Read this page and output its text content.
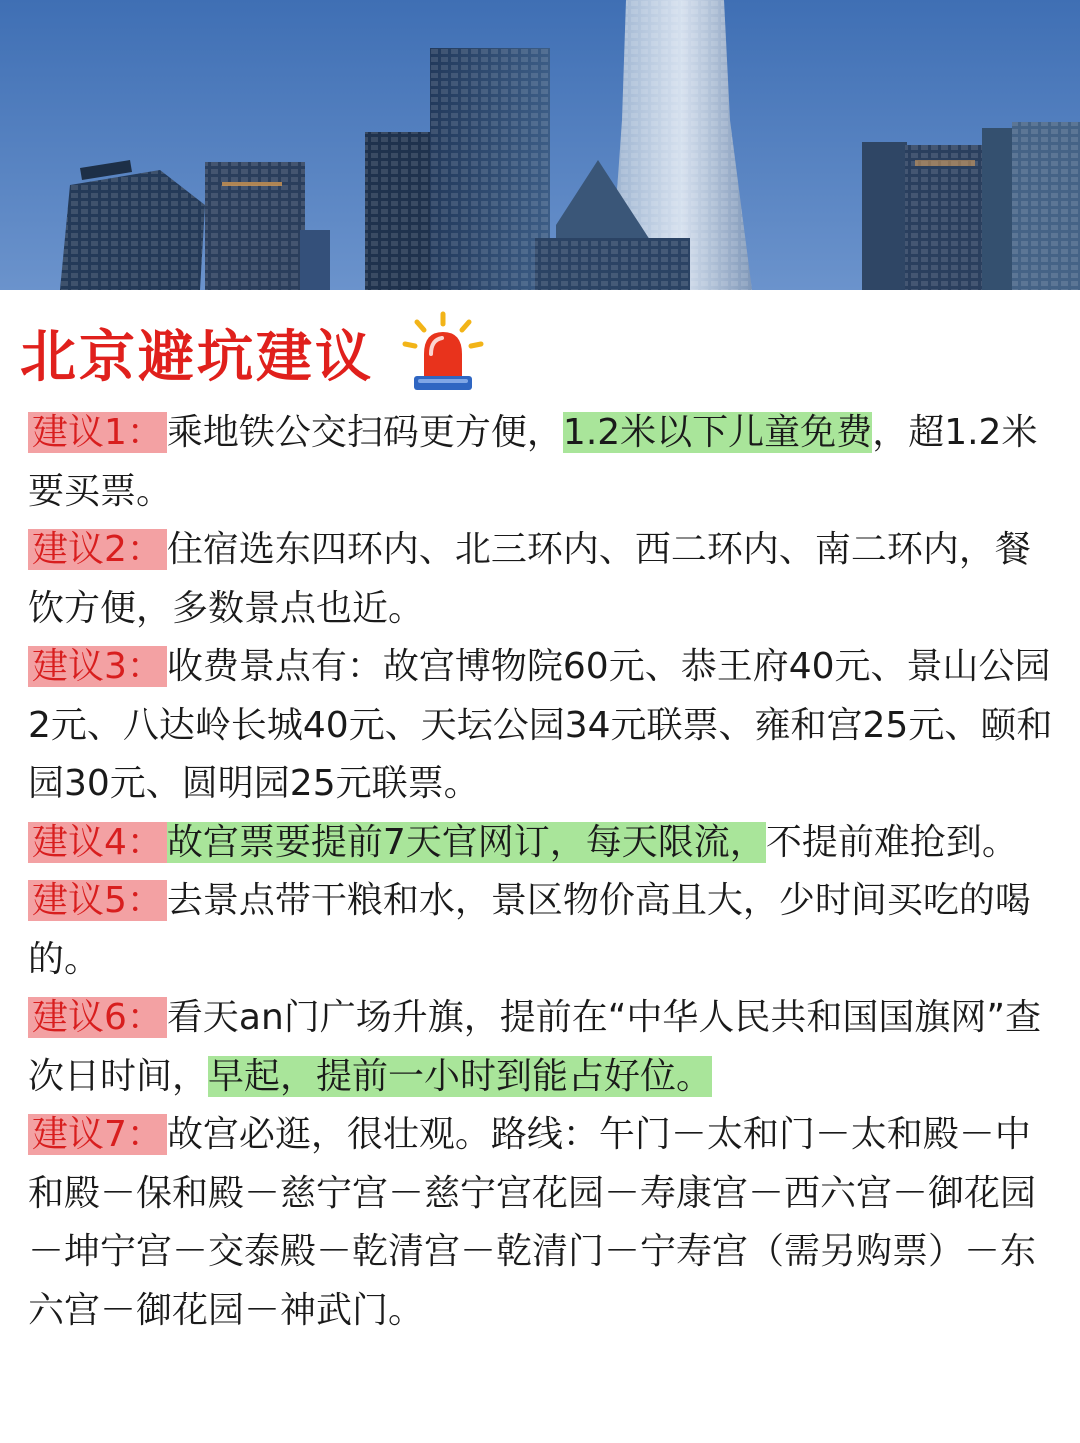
北京避坑建议

建议1： 乘地铁公交扫码更方便，1.2米以下儿童免费，超1.2米要买票。

建议2： 住宿选东四环内、北三环内、西二环内、南二环内，餐饮方便，多数景点也近。

建议3： 收费景点有：故宫博物院60元、恭王府40元、景山公园2元、八达岭长城40元、天坛公园34元联票、雍和宫25元、颐和园30元、圆明园25元联票。

建议4： 故宫票要提前7天官网订，每天限流，不提前难抢到。

建议5： 去景点带干粮和水，景区物价高且大，少时间买吃的喝的。

建议6： 看天an门广场升旗，提前在“中华人民共和国国旗网”查次日时间，早起，提前一小时到能占好位。

建议7： 故宫必逛，很壮观。路线：午门－太和门－太和殿－中和殿－保和殿－慈宁宫－慈宁宫花园－寿康宫－西六宫－御花园－坤宁宫－交泰殿－乾清宫－乾清门－宁寿宫（需另购票）－东六宫－御花园－神武门。
